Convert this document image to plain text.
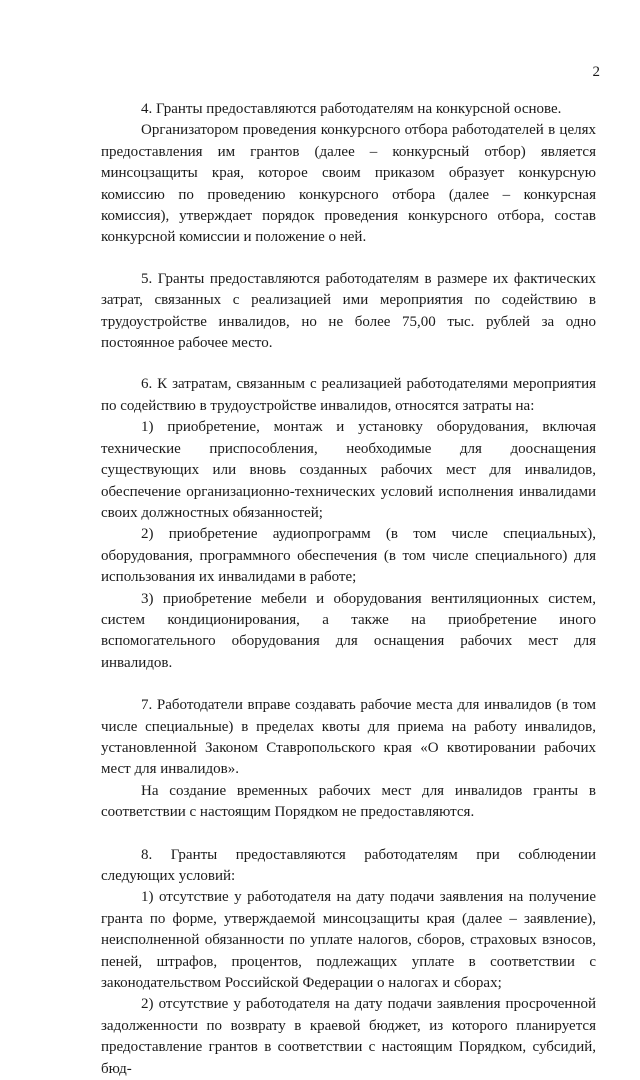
2

4. Гранты предоставляются работодателям на конкурсной основе.

Организатором проведения конкурсного отбора работодателей в целях предоставления им грантов (далее – конкурсный отбор) является минсоцзащиты края, которое своим приказом образует конкурсную комиссию по проведению конкурсного отбора (далее – конкурсная комиссия), утверждает порядок проведения конкурсного отбора, состав конкурсной комиссии и положение о ней.

5. Гранты предоставляются работодателям в размере их фактических затрат, связанных с реализацией ими мероприятия по содействию в трудоустройстве инвалидов, но не более 75,00 тыс. рублей за одно постоянное рабочее место.

6. К затратам, связанным с реализацией работодателями мероприятия по содействию в трудоустройстве инвалидов, относятся затраты на:

1) приобретение, монтаж и установку оборудования, включая технические приспособления, необходимые для дооснащения существующих или вновь созданных рабочих мест для инвалидов, обеспечение организационно-технических условий исполнения инвалидами своих должностных обязанностей;

2) приобретение аудиопрограмм (в том числе специальных), оборудования, программного обеспечения (в том числе специального) для использования их инвалидами в работе;

3) приобретение мебели и оборудования вентиляционных систем, систем кондиционирования, а также на приобретение иного вспомогательного оборудования для оснащения рабочих мест для инвалидов.

7. Работодатели вправе создавать рабочие места для инвалидов (в том числе специальные) в пределах квоты для приема на работу инвалидов, установленной Законом Ставропольского края «О квотировании рабочих мест для инвалидов».

На создание временных рабочих мест для инвалидов гранты в соответствии с настоящим Порядком не предоставляются.

8. Гранты предоставляются работодателям при соблюдении следующих условий:

1) отсутствие у работодателя на дату подачи заявления на получение гранта по форме, утверждаемой минсоцзащиты края (далее – заявление), неисполненной обязанности по уплате налогов, сборов, страховых взносов, пеней, штрафов, процентов, подлежащих уплате в соответствии с законодательством Российской Федерации о налогах и сборах;

2) отсутствие у работодателя на дату подачи заявления просроченной задолженности по возврату в краевой бюджет, из которого планируется предоставление грантов в соответствии с настоящим Порядком, субсидий, бюд-
